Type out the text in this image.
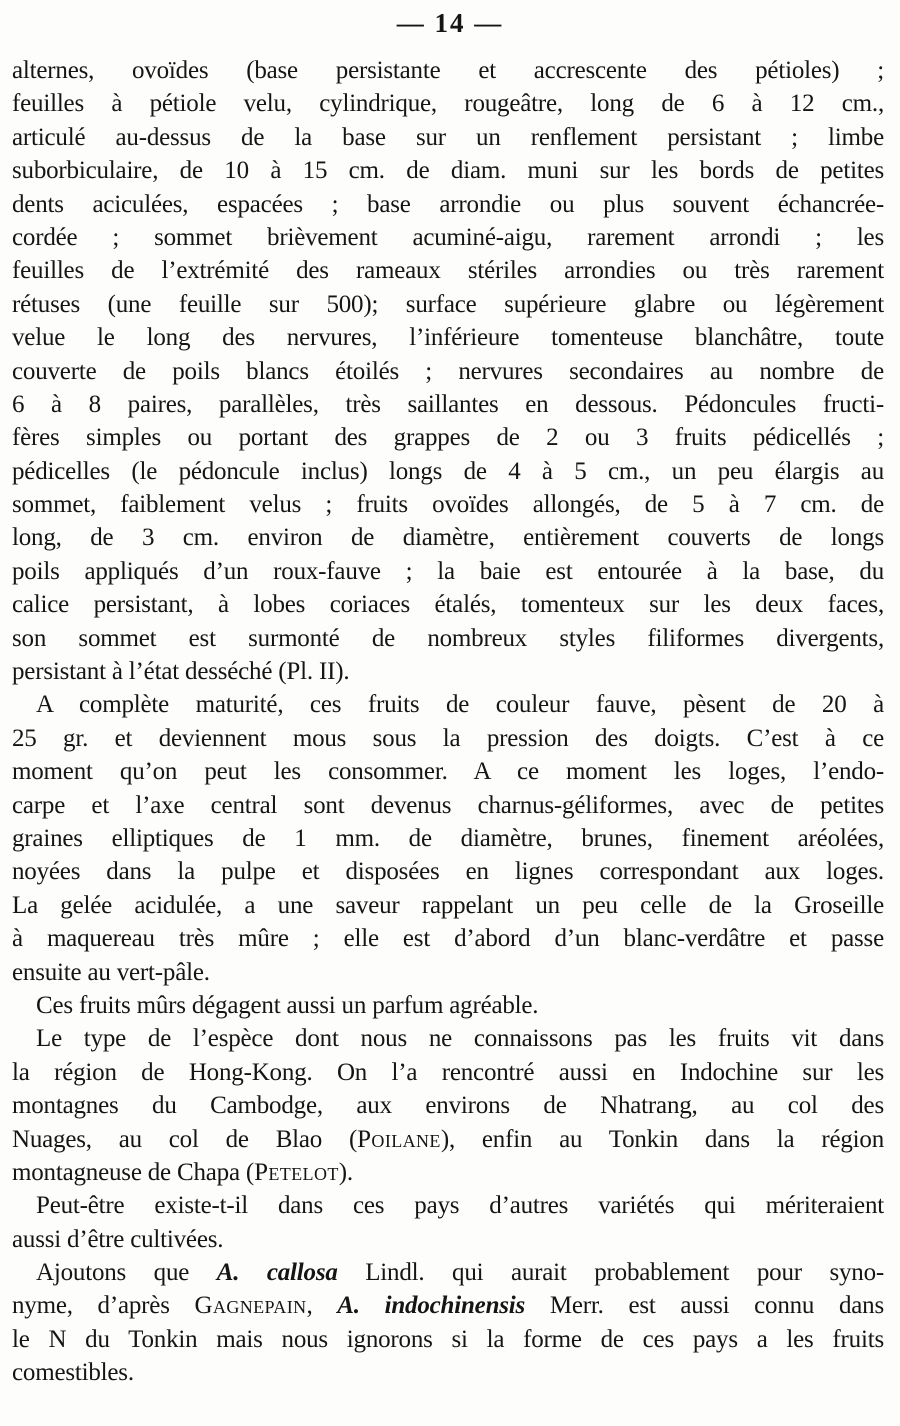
— 14 —
alternes, ovoïdes (base persistante et accrescente des pétioles) ;
feuilles à pétiole velu, cylindrique, rougeâtre, long de 6 à 12 cm.,
articulé au-dessus de la base sur un renflement persistant ; limbe
suborbiculaire, de 10 à 15 cm. de diam. muni sur les bords de petites
dents aciculées, espacées ; base arrondie ou plus souvent échancrée-
cordée ; sommet brièvement acuminé-aigu, rarement arrondi ; les
feuilles de l’extrémité des rameaux stériles arrondies ou très rarement
rétuses (une feuille sur 500); surface supérieure glabre ou légèrement
velue le long des nervures, l’inférieure tomenteuse blanchâtre, toute
couverte de poils blancs étoilés ; nervures secondaires au nombre de
6 à 8 paires, parallèles, très saillantes en dessous. Pédoncules fructi-
fères simples ou portant des grappes de 2 ou 3 fruits pédicellés ;
pédicelles (le pédoncule inclus) longs de 4 à 5 cm., un peu élargis au
sommet, faiblement velus ; fruits ovoïdes allongés, de 5 à 7 cm. de
long, de 3 cm. environ de diamètre, entièrement couverts de longs
poils appliqués d’un roux-fauve ; la baie est entourée à la base, du
calice persistant, à lobes coriaces étalés, tomenteux sur les deux faces,
son sommet est surmonté de nombreux styles filiformes divergents,
persistant à l’état desséché (Pl. II).
A complète maturité, ces fruits de couleur fauve, pèsent de 20 à
25 gr. et deviennent mous sous la pression des doigts. C’est à ce
moment qu’on peut les consommer. A ce moment les loges, l’endo-
carpe et l’axe central sont devenus charnus-géliformes, avec de petites
graines elliptiques de 1 mm. de diamètre, brunes, finement aréolées,
noyées dans la pulpe et disposées en lignes correspondant aux loges.
La gelée acidulée, a une saveur rappelant un peu celle de la Groseille
à maquereau très mûre ; elle est d’abord d’un blanc-verdâtre et passe
ensuite au vert-pâle.
Ces fruits mûrs dégagent aussi un parfum agréable.
Le type de l’espèce dont nous ne connaissons pas les fruits vit dans
la région de Hong-Kong. On l’a rencontré aussi en Indochine sur les
montagnes du Cambodge, aux environs de Nhatrang, au col des
Nuages, au col de Blao (Poilane), enfin au Tonkin dans la région
montagneuse de Chapa (Petelot).
Peut-être existe-t-il dans ces pays d’autres variétés qui mériteraient
aussi d’être cultivées.
Ajoutons que A. callosa Lindl. qui aurait probablement pour syno-
nyme, d’après Gagnepain, A. indochinensis Merr. est aussi connu dans
le N du Tonkin mais nous ignorons si la forme de ces pays a les fruits
comestibles.
